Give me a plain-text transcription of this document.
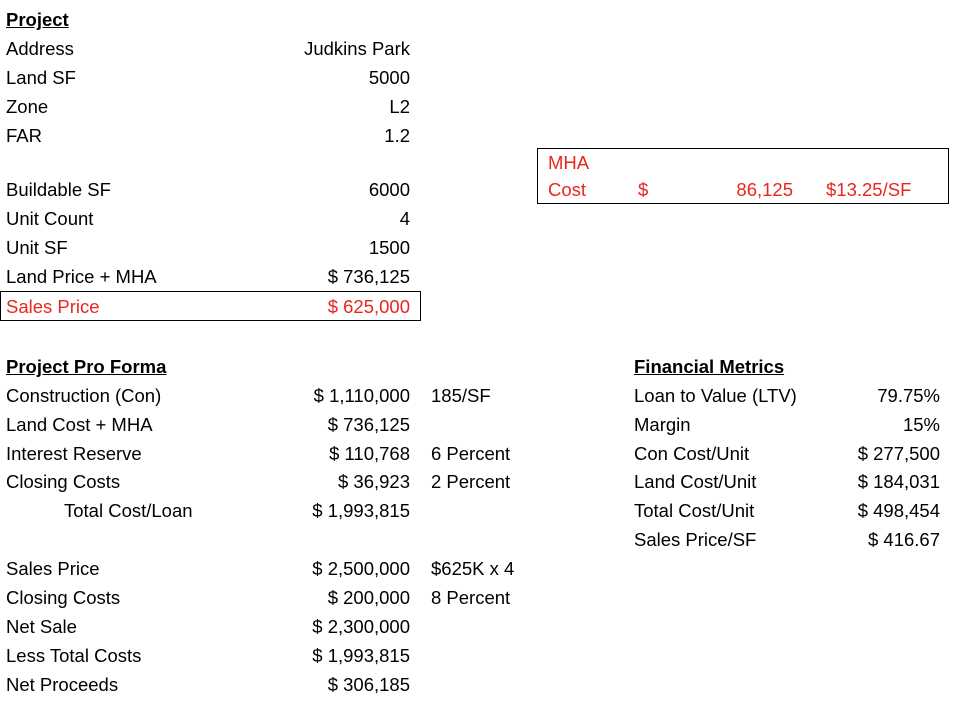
Project
Address	Judkins Park
Land SF	5000
Zone	L2
FAR	1.2
Buildable SF	6000
Unit Count	4
Unit SF	1500
Land Price + MHA	$ 736,125
Sales Price	$ 625,000
MHA
Cost	$	86,125 $13.25/SF
Project Pro Forma
Construction (Con)	$ 1,110,000 185/SF
Land Cost + MHA	$ 736,125
Interest Reserve	$ 110,768 6 Percent
Closing Costs	$ 36,923 2 Percent
Total Cost/Loan	$ 1,993,815
Sales Price	$ 2,500,000 $625K x 4
Closing Costs	$ 200,000 8 Percent
Net Sale	$ 2,300,000
Less Total Costs	$ 1,993,815
Net Proceeds	$ 306,185
Financial Metrics
Loan to Value (LTV)	79.75%
Margin	15%
Con Cost/Unit	$ 277,500
Land Cost/Unit	$ 184,031
Total Cost/Unit	$ 498,454
Sales Price/SF	$ 416.67
